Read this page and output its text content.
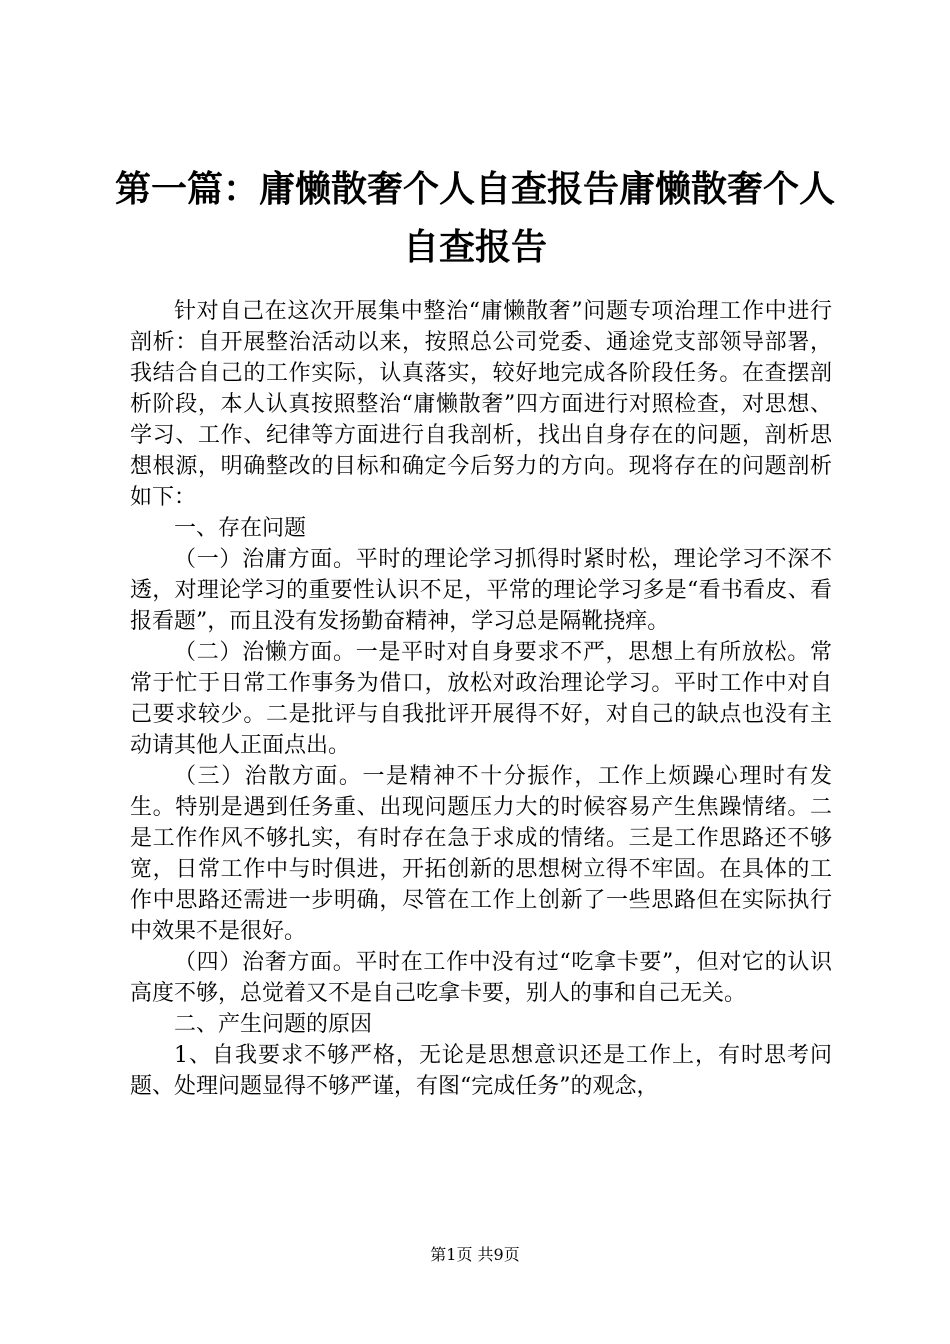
第一篇：庸懒散奢个人自查报告庸懒散奢个人自查报告

针对自己在这次开展集中整治“庸懒散奢”问题专项治理工作中进行剖析：自开展整治活动以来，按照总公司党委、通途党支部领导部署，我结合自己的工作实际，认真落实，较好地完成各阶段任务。在查摆剖析阶段，本人认真按照整治“庸懒散奢”四方面进行对照检查，对思想、学习、工作、纪律等方面进行自我剖析，找出自身存在的问题，剖析思想根源，明确整改的目标和确定今后努力的方向。现将存在的问题剖析如下：

一、存在问题

（一）治庸方面。平时的理论学习抓得时紧时松，理论学习不深不透，对理论学习的重要性认识不足，平常的理论学习多是“看书看皮、看报看题”，而且没有发扬勤奋精神，学习总是隔靴挠痒。

（二）治懒方面。一是平时对自身要求不严，思想上有所放松。常常于忙于日常工作事务为借口，放松对政治理论学习。平时工作中对自己要求较少。二是批评与自我批评开展得不好，对自己的缺点也没有主动请其他人正面点出。

（三）治散方面。一是精神不十分振作，工作上烦躁心理时有发生。特别是遇到任务重、出现问题压力大的时候容易产生焦躁情绪。二是工作作风不够扎实，有时存在急于求成的情绪。三是工作思路还不够宽，日常工作中与时俱进，开拓创新的思想树立得不牢固。在具体的工作中思路还需进一步明确，尽管在工作上创新了一些思路但在实际执行中效果不是很好。

（四）治奢方面。平时在工作中没有过“吃拿卡要”，但对它的认识高度不够，总觉着又不是自己吃拿卡要，别人的事和自己无关。

二、产生问题的原因

1、自我要求不够严格，无论是思想意识还是工作上，有时思考问题、处理问题显得不够严谨，有图“完成任务”的观念，

第1页 共9页
